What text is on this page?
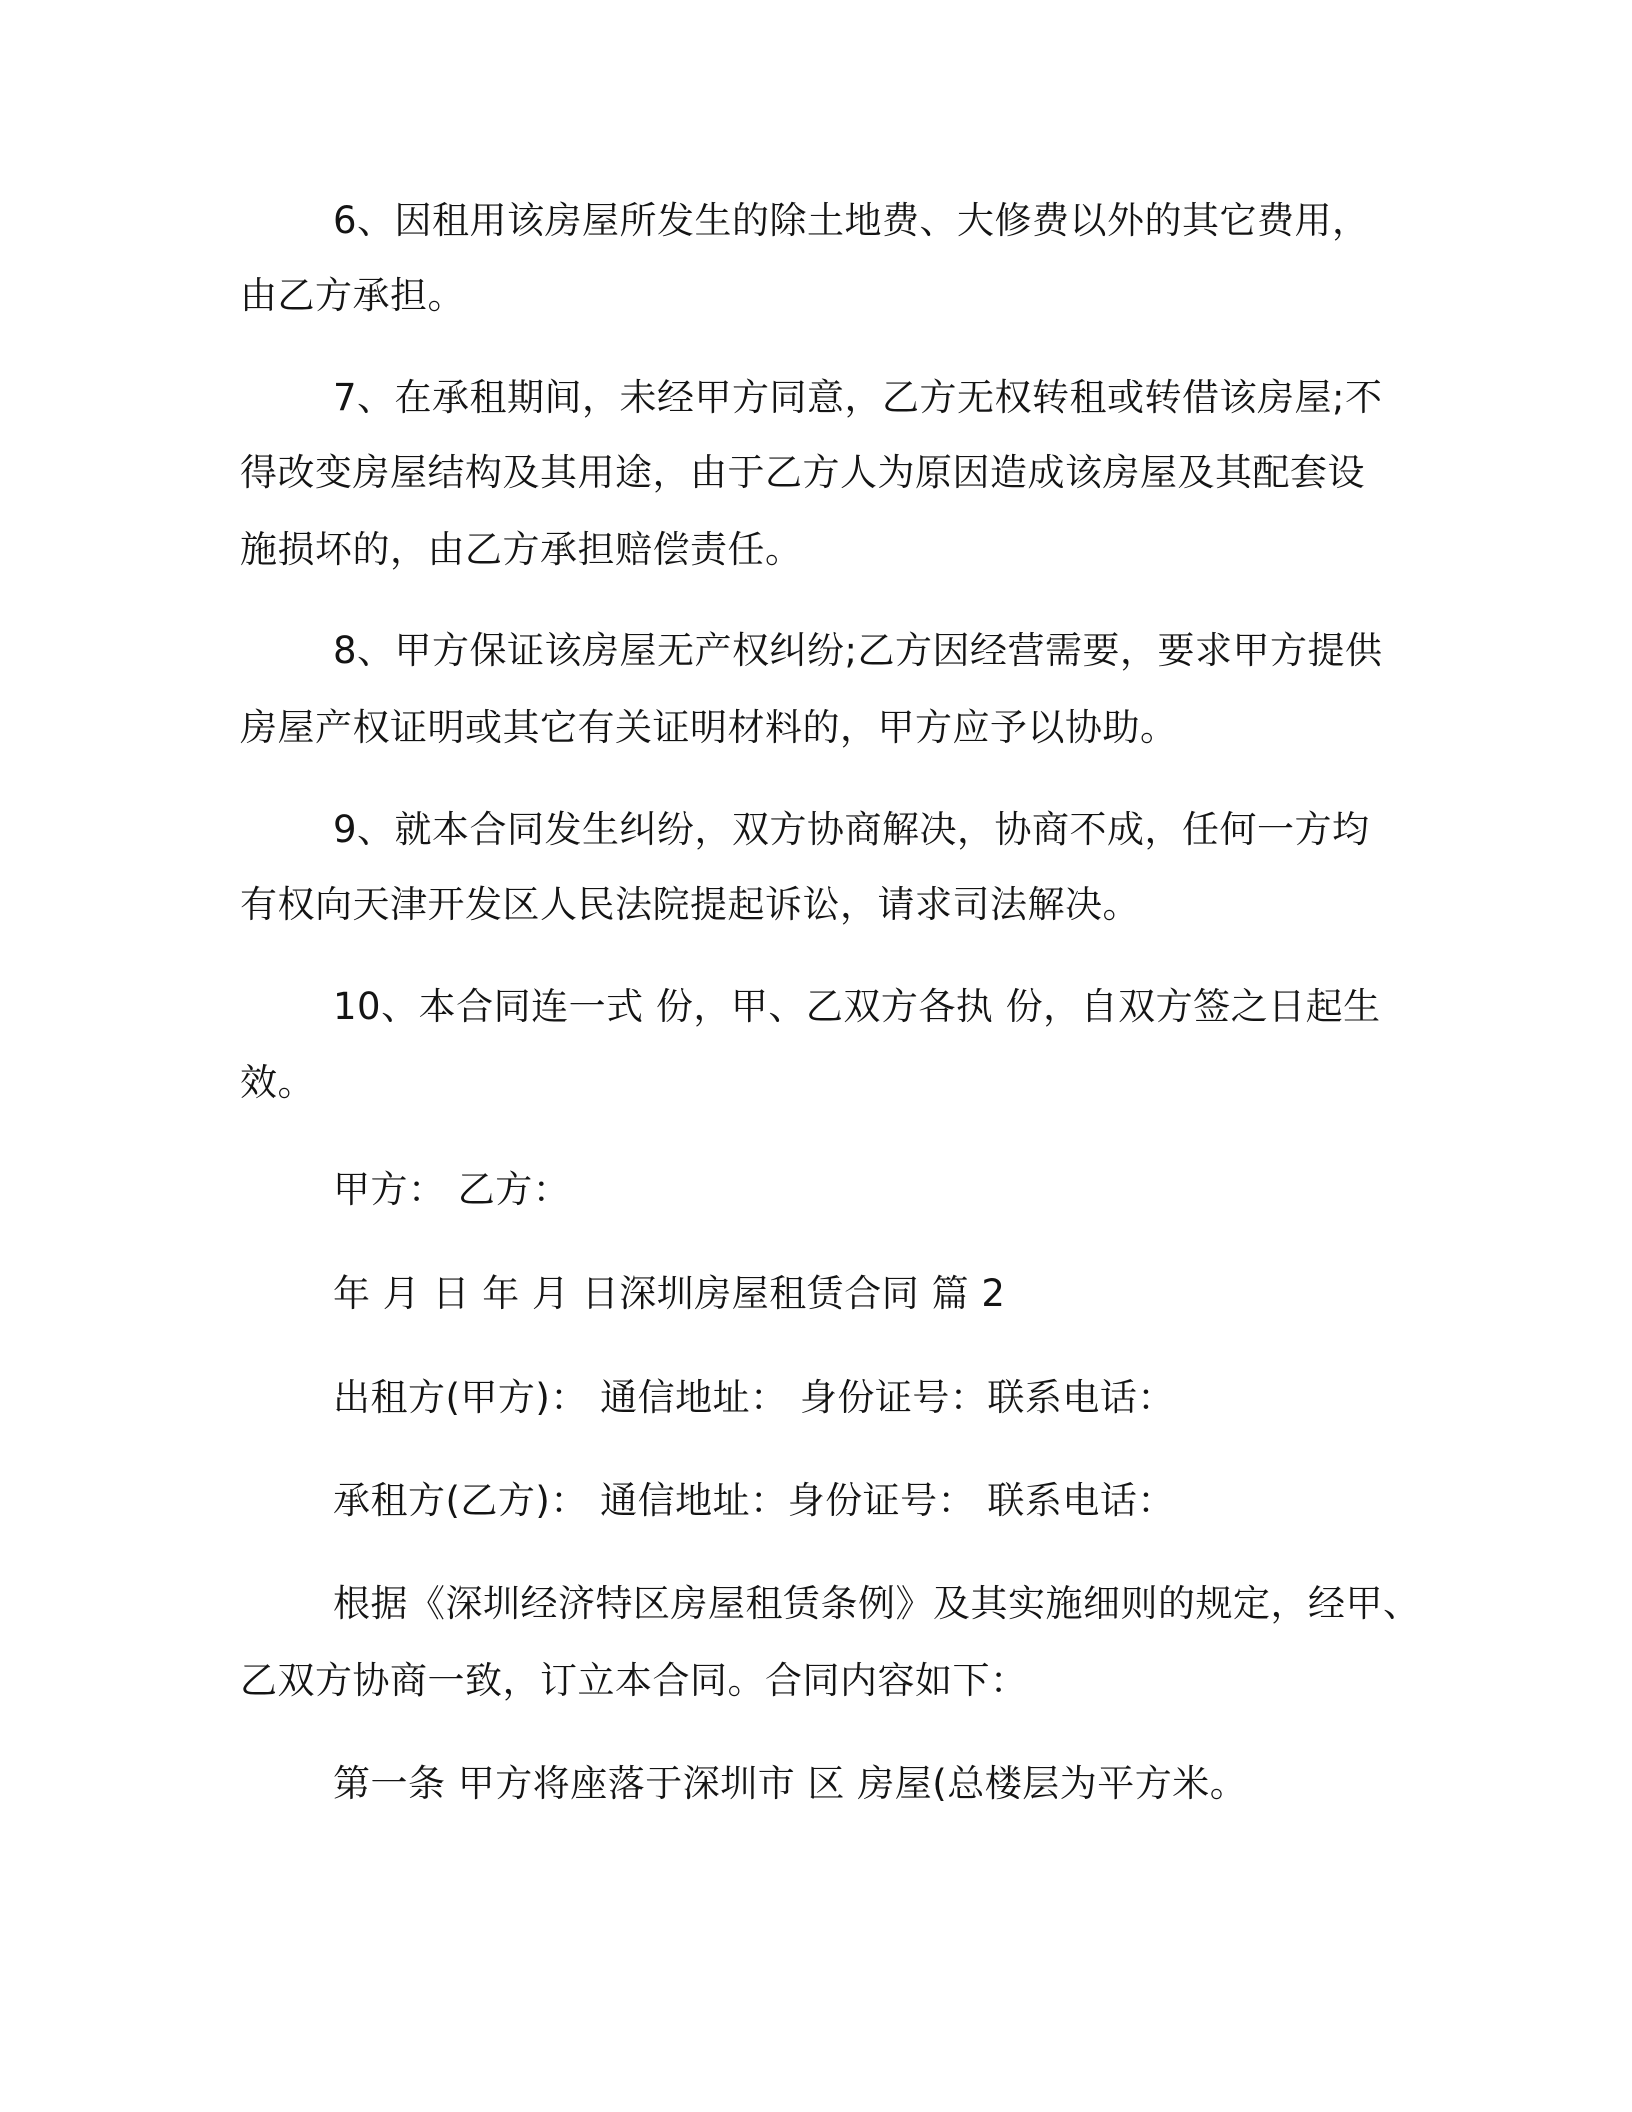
6、因租用该房屋所发生的除土地费、大修费以外的其它费用，

由乙方承担。

7、在承租期间，未经甲方同意，乙方无权转租或转借该房屋;不

得改变房屋结构及其用途，由于乙方人为原因造成该房屋及其配套设

施损坏的，由乙方承担赔偿责任。

8、甲方保证该房屋无产权纠纷;乙方因经营需要，要求甲方提供

房屋产权证明或其它有关证明材料的，甲方应予以协助。

9、就本合同发生纠纷，双方协商解决，协商不成，任何一方均

有权向天津开发区人民法院提起诉讼，请求司法解决。

10、本合同连一式 份，甲、乙双方各执 份，自双方签之日起生

效。

甲方： 乙方：

年 月 日 年 月 日深圳房屋租赁合同 篇 2

出租方(甲方)： 通信地址： 身份证号：联系电话：

承租方(乙方)： 通信地址：身份证号： 联系电话：

根据《深圳经济特区房屋租赁条例》及其实施细则的规定，经甲、

乙双方协商一致，订立本合同。合同内容如下：

第一条 甲方将座落于深圳市 区 房屋(总楼层为平方米。
